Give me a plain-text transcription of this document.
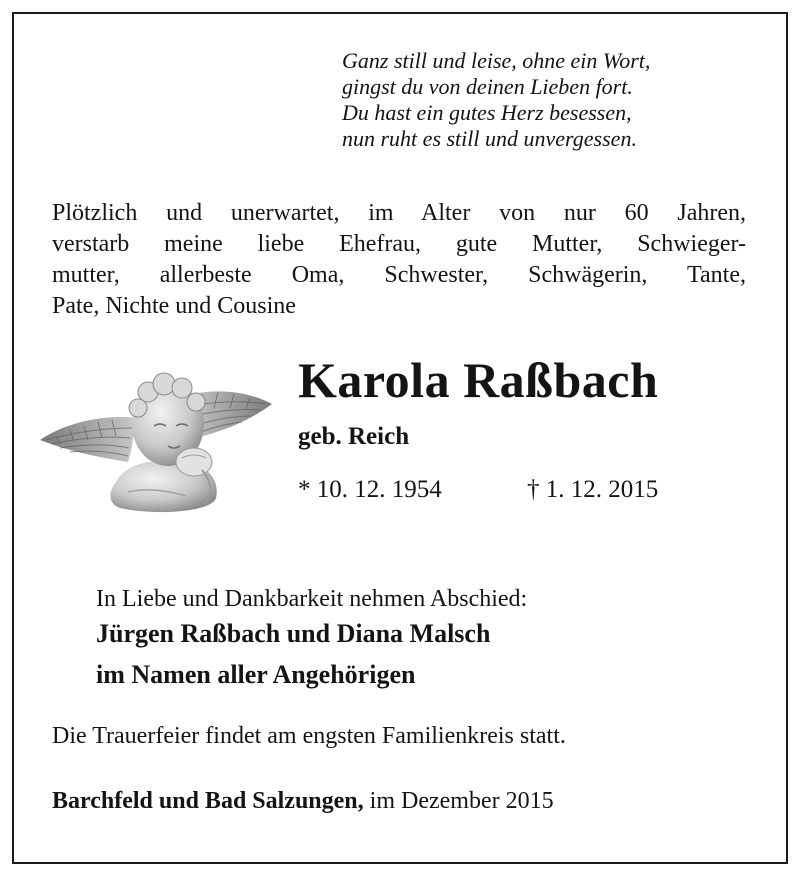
Ganz still und leise, ohne ein Wort,
gingst du von deinen Lieben fort.
Du hast ein gutes Herz besessen,
nun ruht es still und unvergessen.
Plötzlich und unerwartet, im Alter von nur 60 Jahren,
verstarb meine liebe Ehefrau, gute Mutter, Schwieger-
mutter, allerbeste Oma, Schwester, Schwägerin, Tante,
Pate, Nichte und Cousine
Karola Raßbach
geb. Reich
* 10. 12. 1954	† 1. 12. 2015
In Liebe und Dankbarkeit nehmen Abschied:
Jürgen Raßbach und Diana Malsch
im Namen aller Angehörigen
Die Trauerfeier findet am engsten Familienkreis statt.
Barchfeld und Bad Salzungen, im Dezember 2015
